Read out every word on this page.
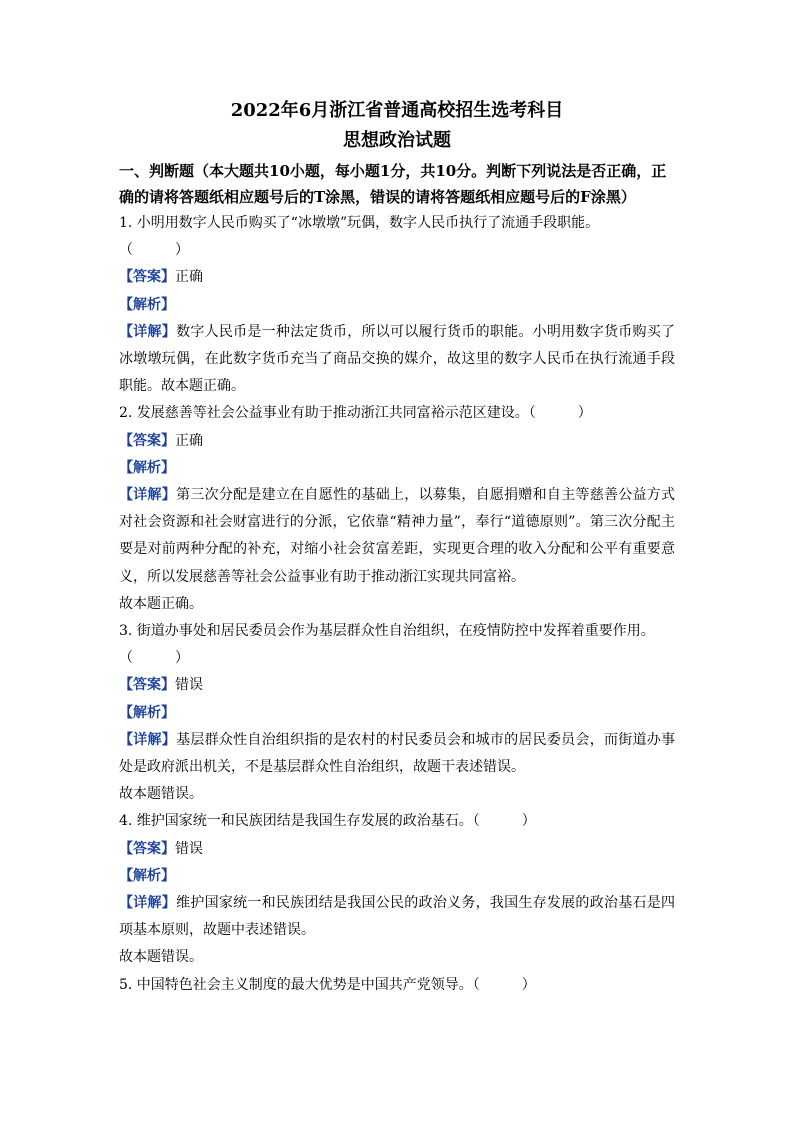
2022年6月浙江省普通高校招生选考科目

思想政治试题

一、判断题（本大题共10小题，每小题1分，共10分。判断下列说法是否正确，正确的请将答题纸相应题号后的T涂黑，错误的请将答题纸相应题号后的F涂黑）

1. 小明用数字人民币购买了“冰墩墩”玩偶，数字人民币执行了流通手段职能。

（　　　）

【答案】正确

【解析】

【详解】数字人民币是一种法定货币，所以可以履行货币的职能。小明用数字货币购买了冰墩墩玩偶，在此数字货币充当了商品交换的媒介，故这里的数字人民币在执行流通手段职能。故本题正确。

2. 发展慈善等社会公益事业有助于推动浙江共同富裕示范区建设。（　　　）

【答案】正确

【解析】

【详解】第三次分配是建立在自愿性的基础上，以募集，自愿捐赠和自主等慈善公益方式对社会资源和社会财富进行的分派，它依靠“精神力量”，奉行“道德原则”。第三次分配主要是对前两种分配的补充，对缩小社会贫富差距，实现更合理的收入分配和公平有重要意义，所以发展慈善等社会公益事业有助于推动浙江实现共同富裕。

故本题正确。

3. 街道办事处和居民委员会作为基层群众性自治组织，在疫情防控中发挥着重要作用。

（　　　）

【答案】错误

【解析】

【详解】基层群众性自治组织指的是农村的村民委员会和城市的居民委员会，而街道办事处是政府派出机关，不是基层群众性自治组织，故题干表述错误。

故本题错误。

4. 维护国家统一和民族团结是我国生存发展的政治基石。（　　　）

【答案】错误

【解析】

【详解】维护国家统一和民族团结是我国公民的政治义务，我国生存发展的政治基石是四项基本原则，故题中表述错误。

故本题错误。

5. 中国特色社会主义制度的最大优势是中国共产党领导。（　　　）
